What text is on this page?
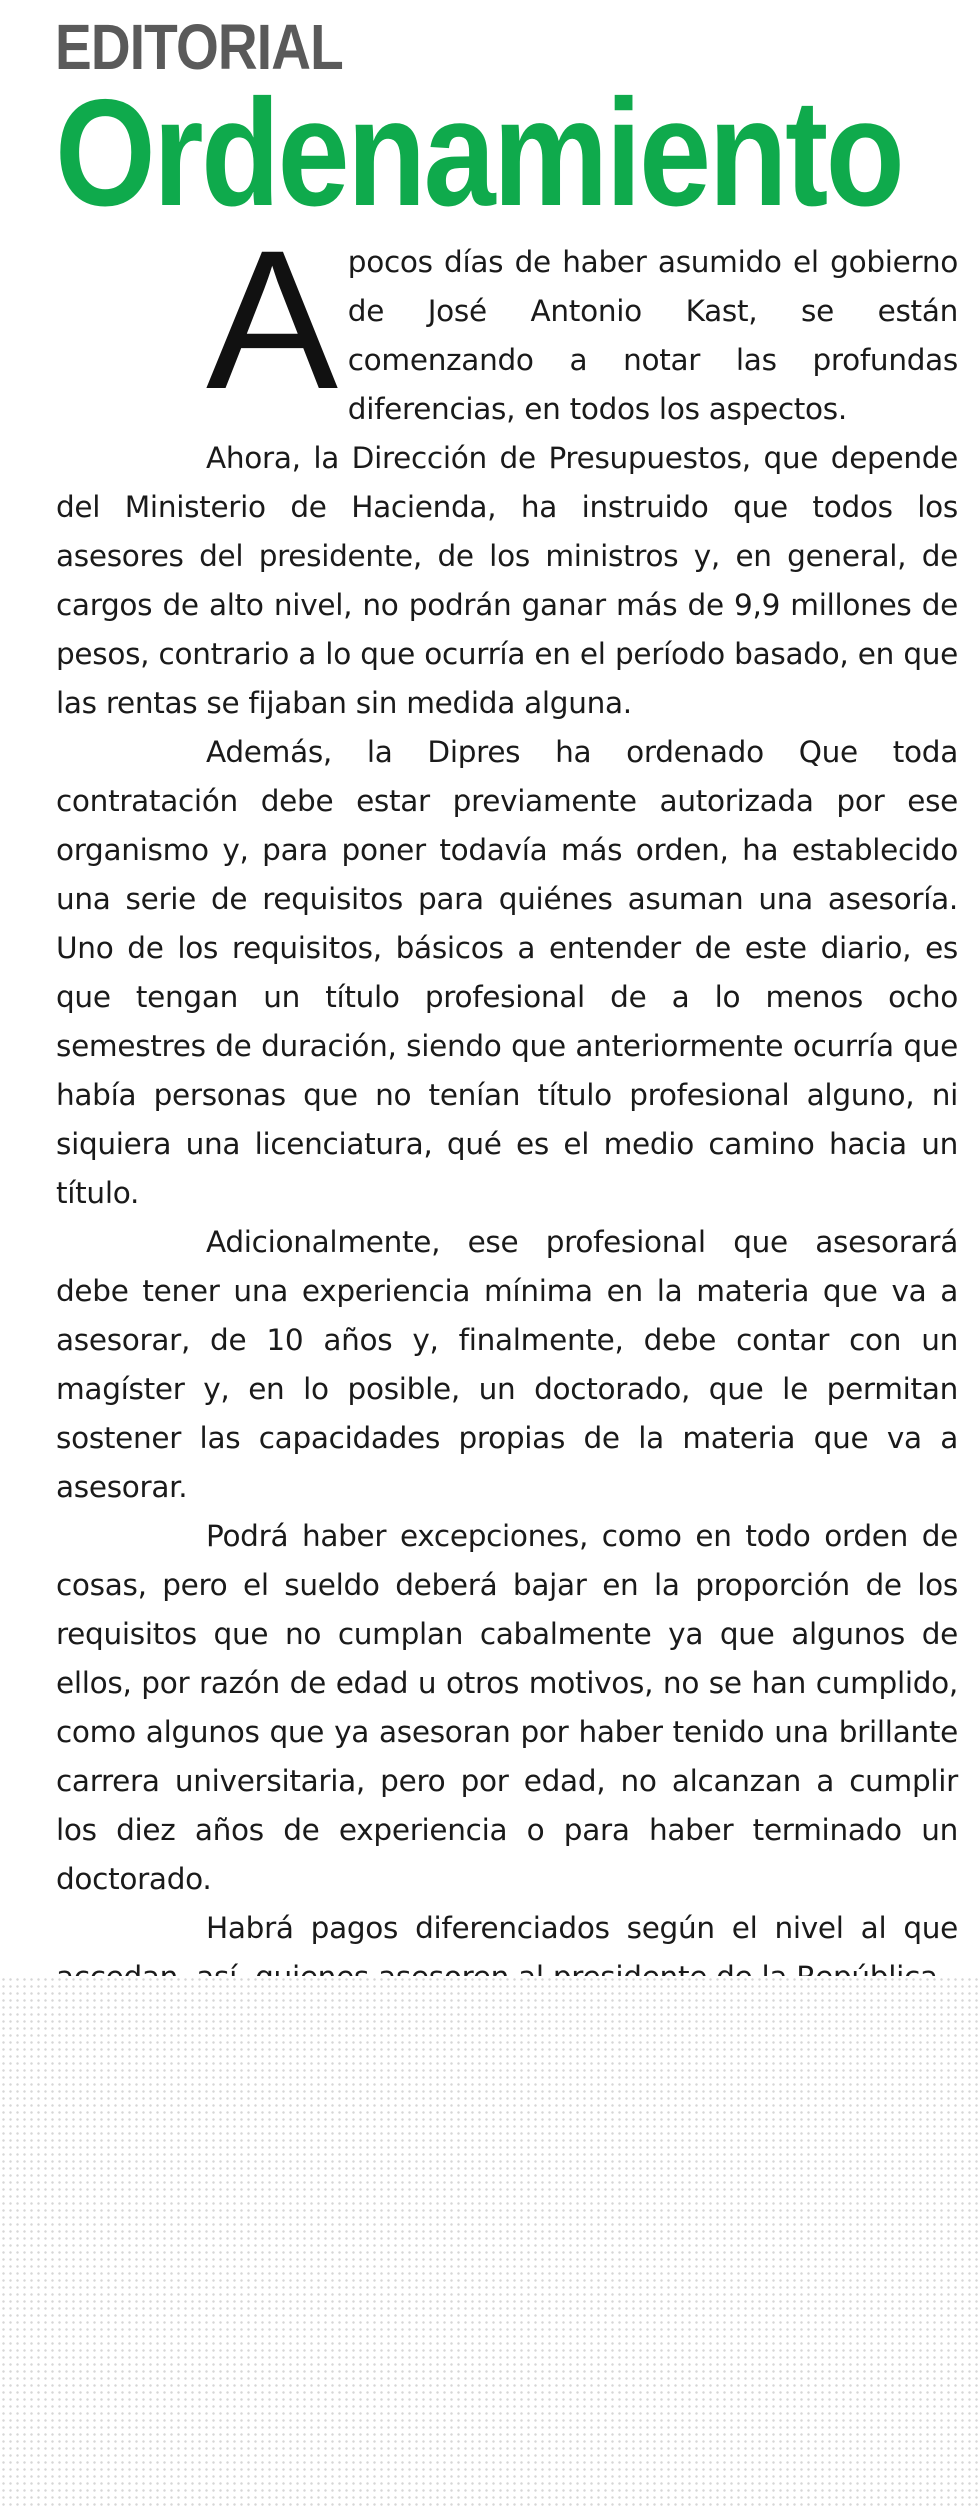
EDITORIAL
Ordenamiento

Apocos días de haber asumido el gobierno de José Antonio Kast, se están comenzando a notar las profundas diferencias, en todos los aspectos.

Ahora, la Dirección de Presupuestos, que depende del Ministerio de Hacienda, ha instruido que todos los asesores del presidente, de los ministros y, en general, de cargos de alto nivel, no podrán ganar más de 9,9 millones de pesos, contrario a lo que ocurría en el período basado, en que las rentas se fijaban sin medida alguna.

Además, la Dipres ha ordenado Que toda contratación debe estar previamente autorizada por ese organismo y, para poner todavía más orden, ha establecido una serie de requisitos para quiénes asuman una asesoría. Uno de los requisitos, básicos a entender de este diario, es que tengan un título profesional de a lo menos ocho semestres de duración, siendo que anteriormente ocurría que había personas que no tenían título profesional alguno, ni siquiera una licenciatura, qué es el medio camino hacia un título.

Adicionalmente, ese profesional que asesorará debe tener una experiencia mínima en la materia que va a asesorar, de 10 años y, finalmente, debe contar con un magíster y, en lo posible, un doctorado, que le permitan sostener las capacidades propias de la materia que va a asesorar.

Podrá haber excepciones, como en todo orden de cosas, pero el sueldo deberá bajar en la proporción de los requisitos que no cumplan cabalmente ya que algunos de ellos, por razón de edad u otros motivos, no se han cumplido, como algunos que ya asesoran por haber tenido una brillante carrera universitaria, pero por edad, no alcanzan a cumplir los diez años de experiencia o para haber terminado un doctorado.

Habrá pagos diferenciados según el nivel al que
